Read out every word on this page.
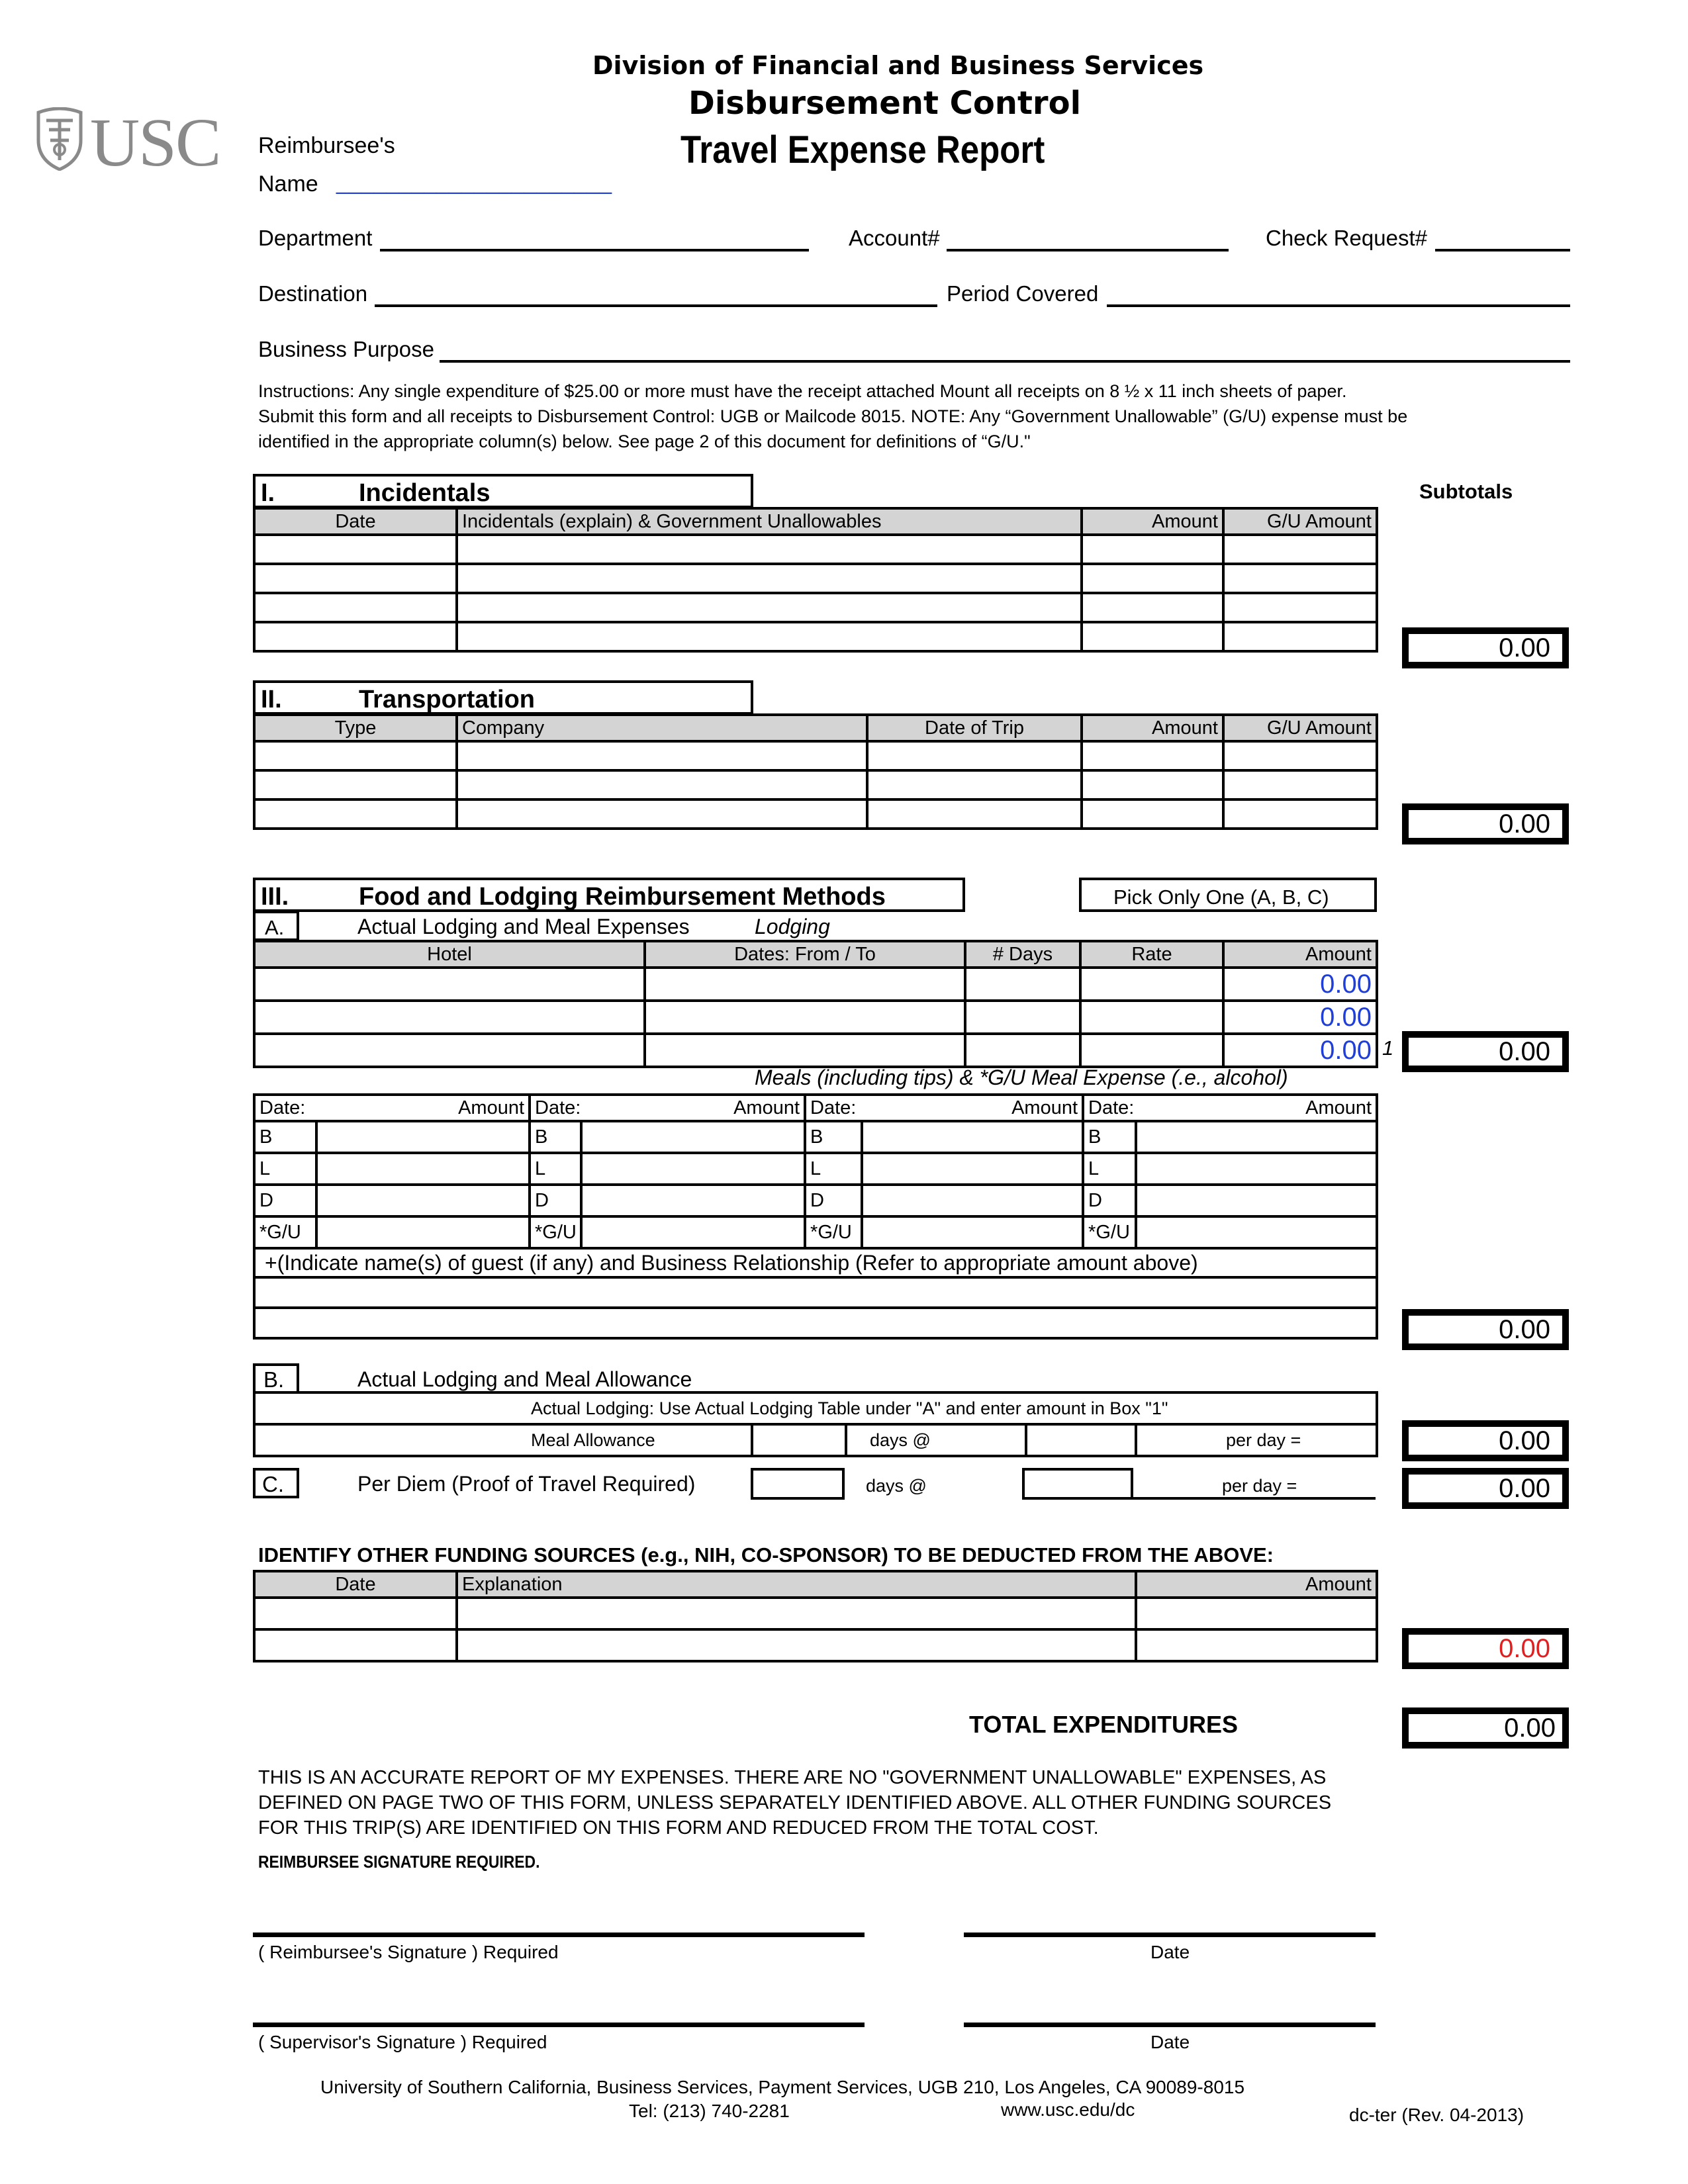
USC
Division of Financial and Business Services
Disbursement Control
Travel Expense Report
Reimbursee's
Name ______________________
Department	Account#	Check Request#
Destination	Period Covered
Business Purpose
Instructions: Any single expenditure of $25.00 or more must have the receipt attached Mount all receipts on 8 ½ x 11 inch sheets of paper.
Submit this form and all receipts to Disbursement Control: UGB or Mailcode 8015. NOTE: Any “Government Unallowable” (G/U) expense must be
identified in the appropriate column(s) below. See page 2 of this document for definitions of “G/U."
Subtotals
I.	Incidentals
Date	Incidentals (explain) & Government Unallowables	Amount	G/U Amount

0.00
II.	Transportation
Type	Company	Date of Trip	Amount	G/U Amount

0.00
III.	Food and Lodging Reimbursement Methods	Pick Only One (A, B, C)
A.	Actual Lodging and Meal Expenses	Lodging
Hotel	Dates: From / To	# Days	Rate	Amount
				0.00
				0.00
				0.00 1	0.00
Meals (including tips) & *G/U Meal Expense (.e., alcohol)
Date: Amount		Date: Amount		Date: Amount		Date: Amount	

B		B		B		B	
L		L		L		L	
D		D		D		D	
*G/U		*G/U		*G/U		*G/U	
+(Indicate name(s) of guest (if any) and Business Relationship (Refer to appropriate amount above)							

0.00
B.	Actual Lodging and Meal Allowance
Actual Lodging: Use Actual Lodging Table under "A" and enter amount in Box "1"
Meal Allowance		days @		per day =	0.00
C.	Per Diem (Proof of Travel Required)	days @	per day =	0.00
IDENTIFY OTHER FUNDING SOURCES (e.g., NIH, CO-SPONSOR) TO BE DEDUCTED FROM THE ABOVE:
Date	Explanation	Amount

0.00
TOTAL EXPENDITURES	0.00
THIS IS AN ACCURATE REPORT OF MY EXPENSES. THERE ARE NO "GOVERNMENT UNALLOWABLE" EXPENSES, AS
DEFINED ON PAGE TWO OF THIS FORM, UNLESS SEPARATELY IDENTIFIED ABOVE. ALL OTHER FUNDING SOURCES
FOR THIS TRIP(S) ARE IDENTIFIED ON THIS FORM AND REDUCED FROM THE TOTAL COST.
REIMBURSEE SIGNATURE REQUIRED.
( Reimbursee's Signature ) Required	Date
( Supervisor's Signature ) Required	Date
University of Southern California, Business Services, Payment Services, UGB 210, Los Angeles, CA 90089-8015
Tel: (213) 740-2281	www.usc.edu/dc	dc-ter (Rev. 04-2013)
